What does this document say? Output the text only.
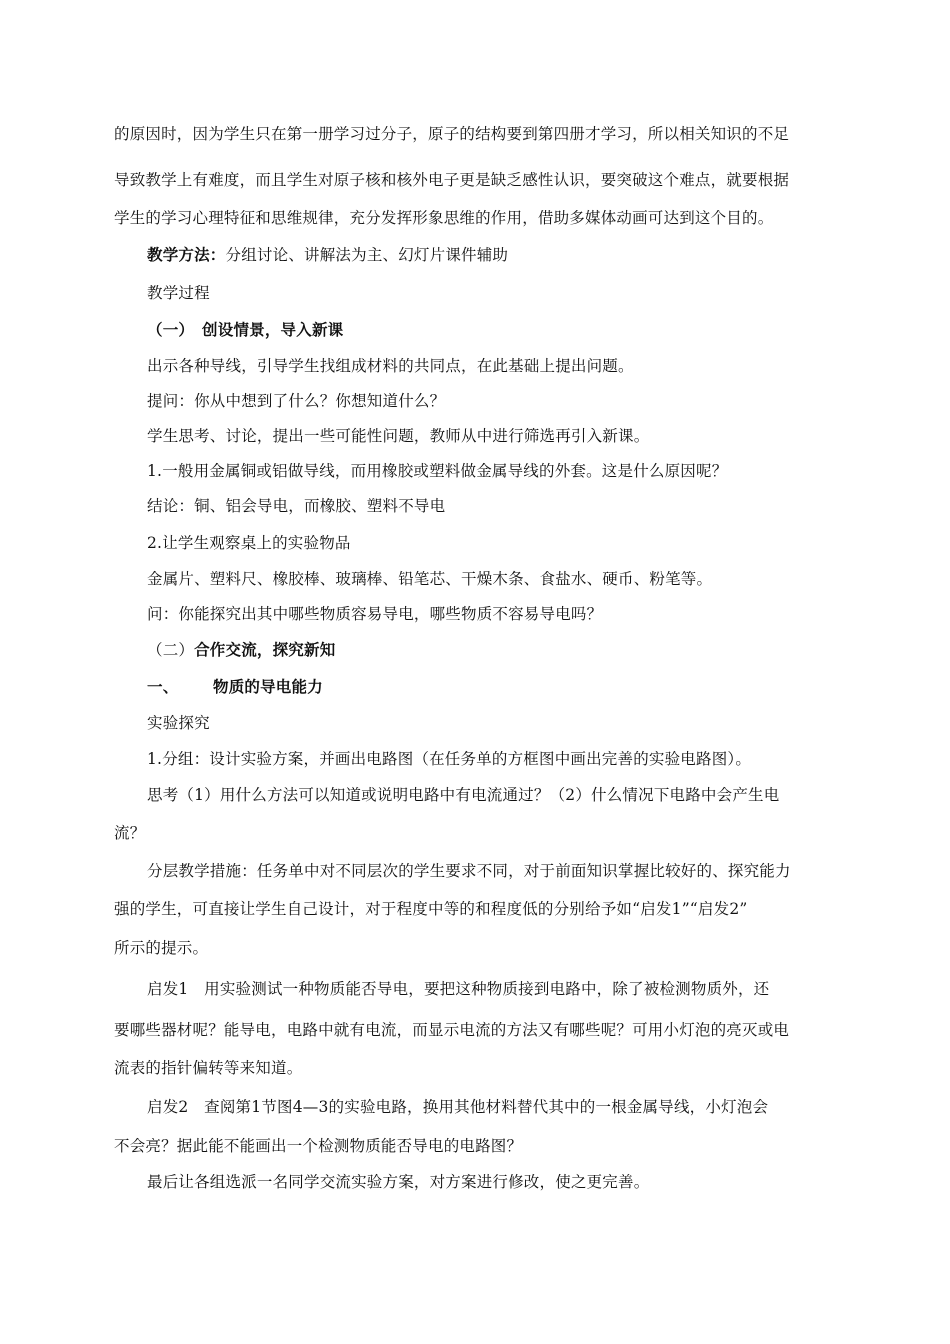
的原因时，因为学生只在第一册学习过分子，原子的结构要到第四册才学习，所以相关知识的不足
导致教学上有难度，而且学生对原子核和核外电子更是缺乏感性认识，要突破这个难点，就要根据
学生的学习心理特征和思维规律，充分发挥形象思维的作用，借助多媒体动画可达到这个目的。
教学方法：分组讨论、讲解法为主、幻灯片课件辅助
教学过程
（一）　创设情景，导入新课
出示各种导线，引导学生找组成材料的共同点，在此基础上提出问题。
提问：你从中想到了什么？你想知道什么？
学生思考、讨论，提出一些可能性问题，教师从中进行筛选再引入新课。
1.一般用金属铜或铝做导线，而用橡胶或塑料做金属导线的外套。这是什么原因呢？
结论：铜、铝会导电，而橡胶、塑料不导电
2.让学生观察桌上的实验物品
金属片、塑料尺、橡胶棒、玻璃棒、铅笔芯、干燥木条、食盐水、硬币、粉笔等。
问：你能探究出其中哪些物质容易导电，哪些物质不容易导电吗？
（二）合作交流，探究新知
一、 物质的导电能力
实验探究
1.分组：设计实验方案，并画出电路图（在任务单的方框图中画出完善的实验电路图）。
思考（1）用什么方法可以知道或说明电路中有电流通过？（2）什么情况下电路中会产生电
流？
分层教学措施：任务单中对不同层次的学生要求不同，对于前面知识掌握比较好的、探究能力
强的学生，可直接让学生自己设计，对于程度中等的和程度低的分别给予如“启发1”“启发2”
所示的提示。
启发1　用实验测试一种物质能否导电，要把这种物质接到电路中，除了被检测物质外，还
要哪些器材呢？能导电，电路中就有电流，而显示电流的方法又有哪些呢？可用小灯泡的亮灭或电
流表的指针偏转等来知道。
启发2　查阅第1节图4—3的实验电路，换用其他材料替代其中的一根金属导线，小灯泡会
不会亮？据此能不能画出一个检测物质能否导电的电路图？
最后让各组选派一名同学交流实验方案，对方案进行修改，使之更完善。
